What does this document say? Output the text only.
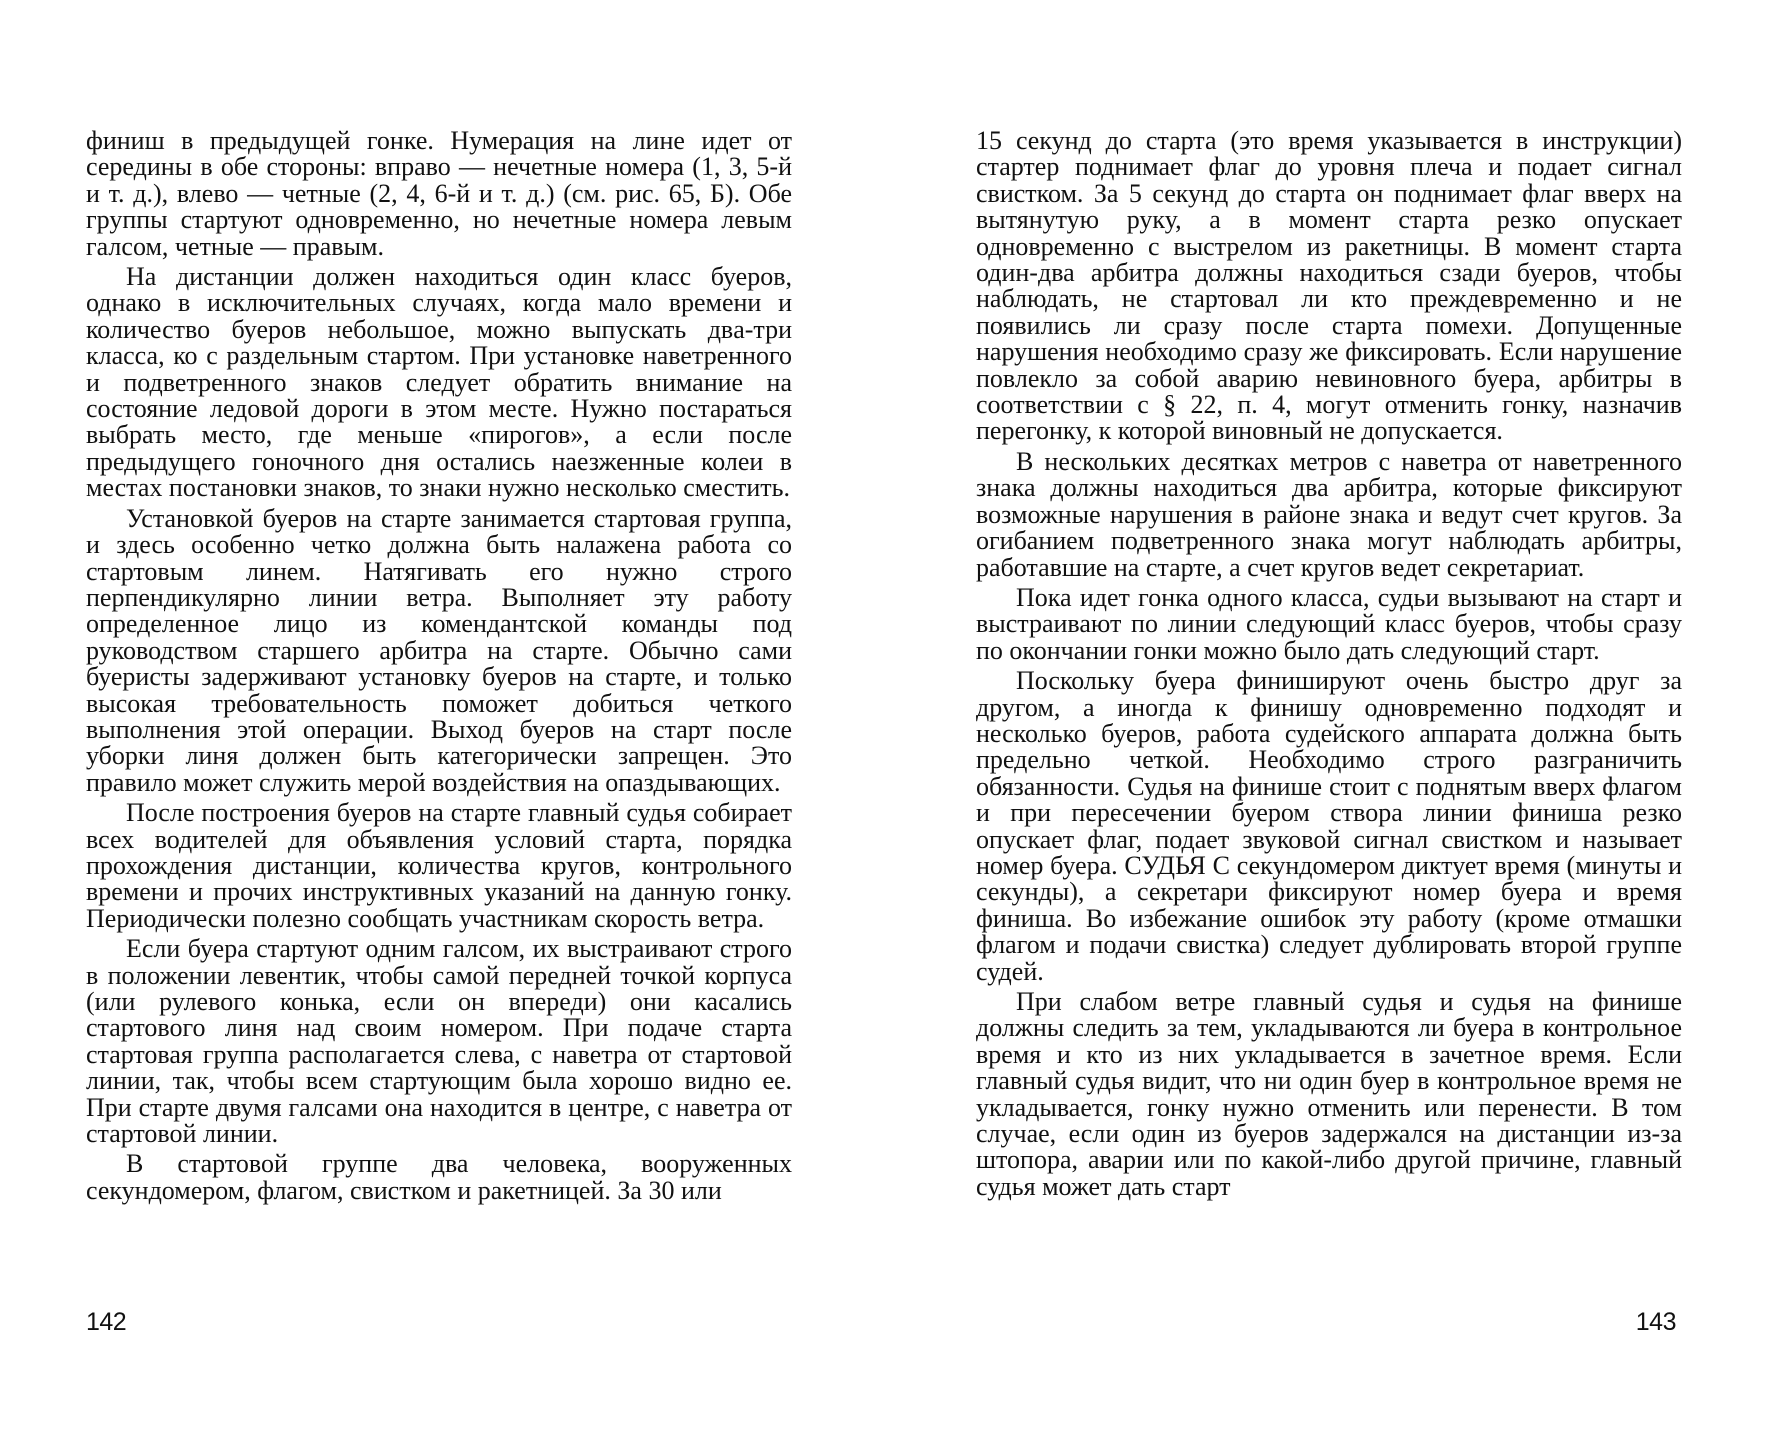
финиш в предыдущей гонке. Нумерация на лине идет от середины в обе стороны: вправо — нечетные номера (1, 3, 5-й и т. д.), влево — четные (2, 4, 6-й и т. д.) (см. рис. 65, Б). Обе группы стартуют одновременно, но нечетные номера левым галсом, четные — правым.

На дистанции должен находиться один класс буеров, однако в исключительных случаях, когда мало времени и количество буеров небольшое, можно выпускать двa-три класса, ко с раздельным стартом. При установке наветренного и подветренного знаков следует обратить внимание на состояние ледовой дороги в этом месте. Нужно постараться выбрать место, где меньше «пирогов», а если после предыдущего гоночного дня остались наезженные колеи в местах постановки знаков, то знаки нужно несколько сместить.

Установкой буеров на старте занимается стартовая группа, и здесь особенно четко должна быть налажена работа со стартовым линем. Натягивать его нужно строго перпендикулярно линии ветра. Выполняет эту работу определенное лицо из комендантской команды под руководством старшего арбитра на старте. Обычно сами буеристы задерживают установку буеров на старте, и только высокая требовательность поможет добиться четкого выполнения этой операции. Выход буеров на старт после уборки линя должен быть категорически запрещен. Это правило может служить мерой воздействия на опаздывающих.

После построения буеров на старте главный судья собирает всех водителей для объявления условий старта, порядка прохождения дистанции, количества кругов, контрольного времени и прочих инструктивных указаний на данную гонку. Периодически полезно сообщать участникам скорость ветра.

Если буера стартуют одним галсом, их выстраивают строго в положении левентик, чтобы самой передней точкой корпуса (или рулевого конька, если он впереди) они касались стартового линя над своим номером. При подаче старта стартовая группа располагается слева, с наветра от стартовой линии, так, чтобы всем стартующим была хорошо видно ее. При старте двумя галсами она находится в центре, с наветра от стартовой линии.

В стартовой группе два человека, вооруженных секундомером, флагом, свистком и ракетницей. За 30 или

142

15 секунд до старта (это время указывается в инструкции) стартер поднимает флаг до уровня плеча и подает сигнал свистком. За 5 секунд до старта он поднимает флаг вверх на вытянутую руку, а в момент старта резко опускает одновременно с выстрелом из ракетницы. В момент старта один-два арбитра должны находиться сзади буеров, чтобы наблюдать, не стартовал ли кто преждевременно и не появились ли сразу после старта помехи. Допущенные нарушения необходимо сразу же фиксировать. Если нарушение повлекло за собой аварию невиновного буера, арбитры в соответствии с § 22, п. 4, могут отменить гонку, назначив перегонку, к которой виновный не допускается.

В нескольких десятках метров с наветра от наветренного знака должны находиться два арбитра, которые фиксируют возможные нарушения в районе знака и ведут счет кругов. За огибанием подветренного знака могут наблюдать арбитры, работавшие на старте, а счет кругов ведет секретариат.

Пока идет гонка одного класса, судьи вызывают на старт и выстраивают по линии следующий класс буеров, чтобы сразу по окончании гонки можно было дать следующий старт.

Поскольку буера финишируют очень быстро друг за другом, а иногда к финишу одновременно подходят и несколько буеров, работа судейского аппарата должна быть предельно четкой. Необходимо строго разграничить обязанности. Судья на финише стоит с поднятым вверх флагом и при пересечении буером створа линии финиша резко опускает флаг, подает звуковой сигнал свистком и называет номер буера. СУДЬЯ С секундомером диктует время (минуты и секунды), а секретари фиксируют номер буера и время финиша. Во избежание ошибок эту работу (кроме отмашки флагом и подачи свистка) следует дублировать второй группе судей.

При слабом ветре главный судья и судья на финише должны следить за тем, укладываются ли буера в контрольное время и кто из них укладывается в зачетное время. Если главный судья видит, что ни один буер в контрольное время не укладывается, гонку нужно отменить или перенести. В том случае, если один из буеров задержался на дистанции из-за штопора, аварии или по какой-либо другой причине, главный судья может дать старт

143
